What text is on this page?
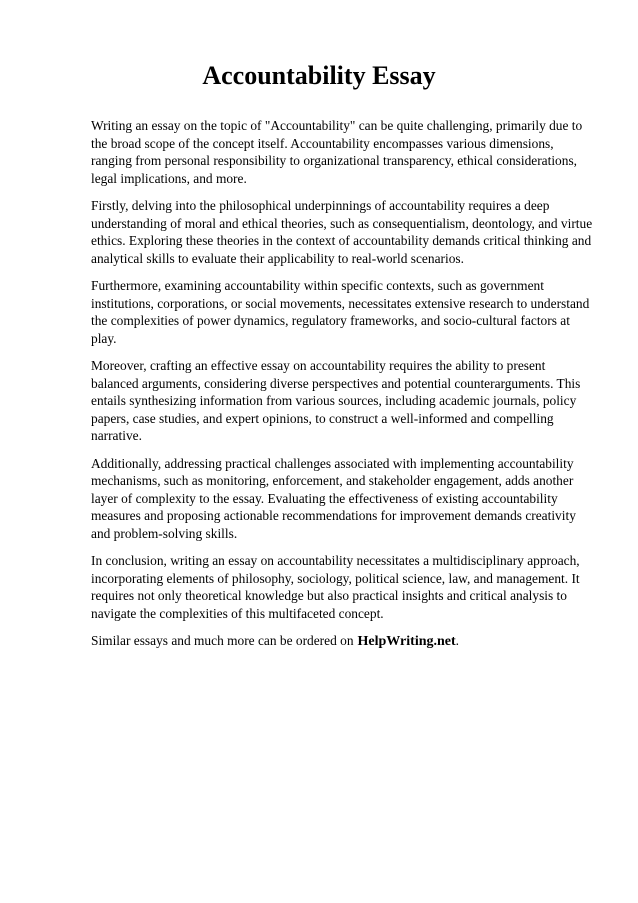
Accountability Essay

Writing an essay on the topic of "Accountability" can be quite challenging, primarily due to the broad scope of the concept itself. Accountability encompasses various dimensions, ranging from personal responsibility to organizational transparency, ethical considerations, legal implications, and more.

Firstly, delving into the philosophical underpinnings of accountability requires a deep understanding of moral and ethical theories, such as consequentialism, deontology, and virtue ethics. Exploring these theories in the context of accountability demands critical thinking and analytical skills to evaluate their applicability to real-world scenarios.

Furthermore, examining accountability within specific contexts, such as government institutions, corporations, or social movements, necessitates extensive research to understand the complexities of power dynamics, regulatory frameworks, and socio-cultural factors at play.

Moreover, crafting an effective essay on accountability requires the ability to present balanced arguments, considering diverse perspectives and potential counterarguments. This entails synthesizing information from various sources, including academic journals, policy papers, case studies, and expert opinions, to construct a well-informed and compelling narrative.

Additionally, addressing practical challenges associated with implementing accountability mechanisms, such as monitoring, enforcement, and stakeholder engagement, adds another layer of complexity to the essay. Evaluating the effectiveness of existing accountability measures and proposing actionable recommendations for improvement demands creativity and problem-solving skills.

In conclusion, writing an essay on accountability necessitates a multidisciplinary approach, incorporating elements of philosophy, sociology, political science, law, and management. It requires not only theoretical knowledge but also practical insights and critical analysis to navigate the complexities of this multifaceted concept.

Similar essays and much more can be ordered on HelpWriting.net.
